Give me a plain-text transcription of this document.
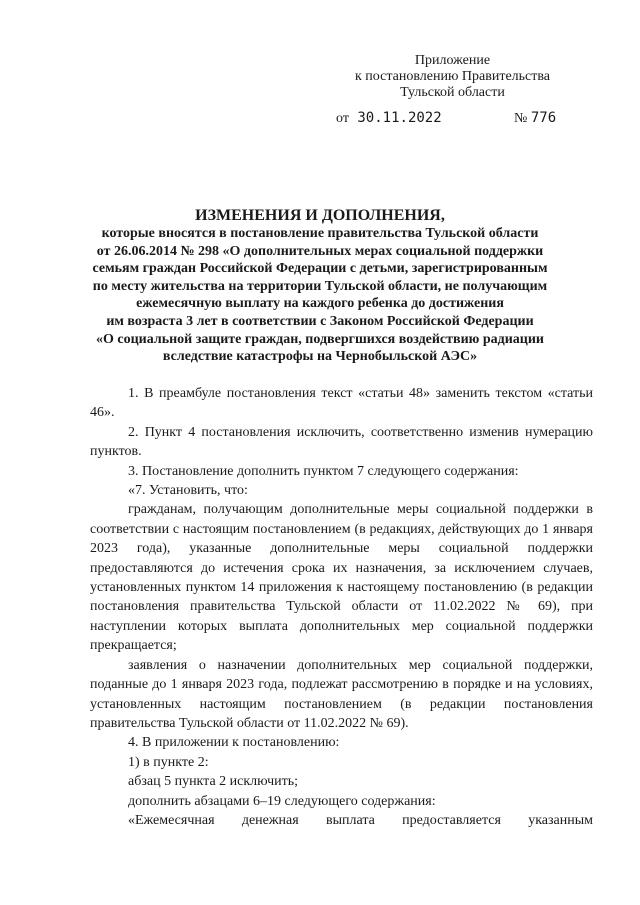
Приложение
к постановлению Правительства
Тульской области
от 30.11.2022	№ 776
ИЗМЕНЕНИЯ И ДОПОЛНЕНИЯ,
которые вносятся в постановление правительства Тульской области
от 26.06.2014 № 298 «О дополнительных мерах социальной поддержки
семьям граждан Российской Федерации с детьми, зарегистрированным
по месту жительства на территории Тульской области, не получающим
ежемесячную выплату на каждого ребенка до достижения
им возраста 3 лет в соответствии с Законом Российской Федерации
«О социальной защите граждан, подвергшихся воздействию радиации
вследствие катастрофы на Чернобыльской АЭС»

1. В преамбуле постановления текст «статьи 48» заменить текстом «статьи 46».

2. Пункт 4 постановления исключить, соответственно изменив нумерацию пунктов.

3. Постановление дополнить пунктом 7 следующего содержания:

«7. Установить, что:

гражданам, получающим дополнительные меры социальной поддержки в соответствии с настоящим постановлением (в редакциях, действующих до 1 января 2023 года), указанные дополнительные меры социальной поддержки предоставляются до истечения срока их назначения, за исключением случаев, установленных пунктом 14 приложения к настоящему постановлению (в редакции постановления правительства Тульской области от 11.02.2022 № 69), при наступлении которых выплата дополнительных мер социальной поддержки прекращается;

заявления о назначении дополнительных мер социальной поддержки, поданные до 1 января 2023 года, подлежат рассмотрению в порядке и на условиях, установленных настоящим постановлением (в редакции постановления правительства Тульской области от 11.02.2022 № 69).

4. В приложении к постановлению:

1) в пункте 2:

абзац 5 пункта 2 исключить;

дополнить абзацами 6–19 следующего содержания:

«Ежемесячная денежная выплата предоставляется указанным
